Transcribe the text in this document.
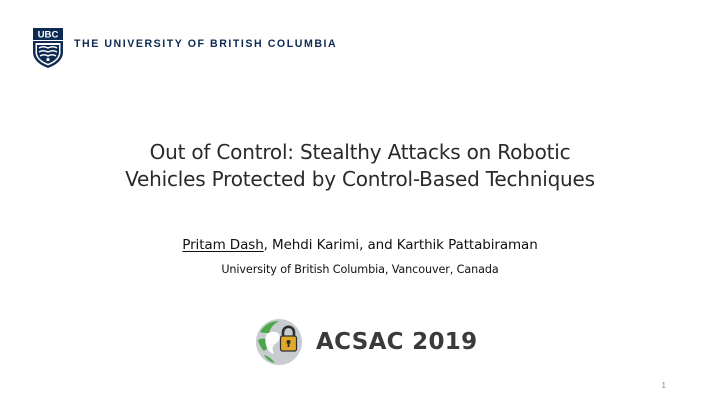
UBC
THE UNIVERSITY OF BRITISH COLUMBIA
Out of Control: Stealthy Attacks on Robotic
Vehicles Protected by Control-Based Techniques
Pritam Dash, Mehdi Karimi, and Karthik Pattabiraman
University of British Columbia, Vancouver, Canada
ACSAC 2019
1
